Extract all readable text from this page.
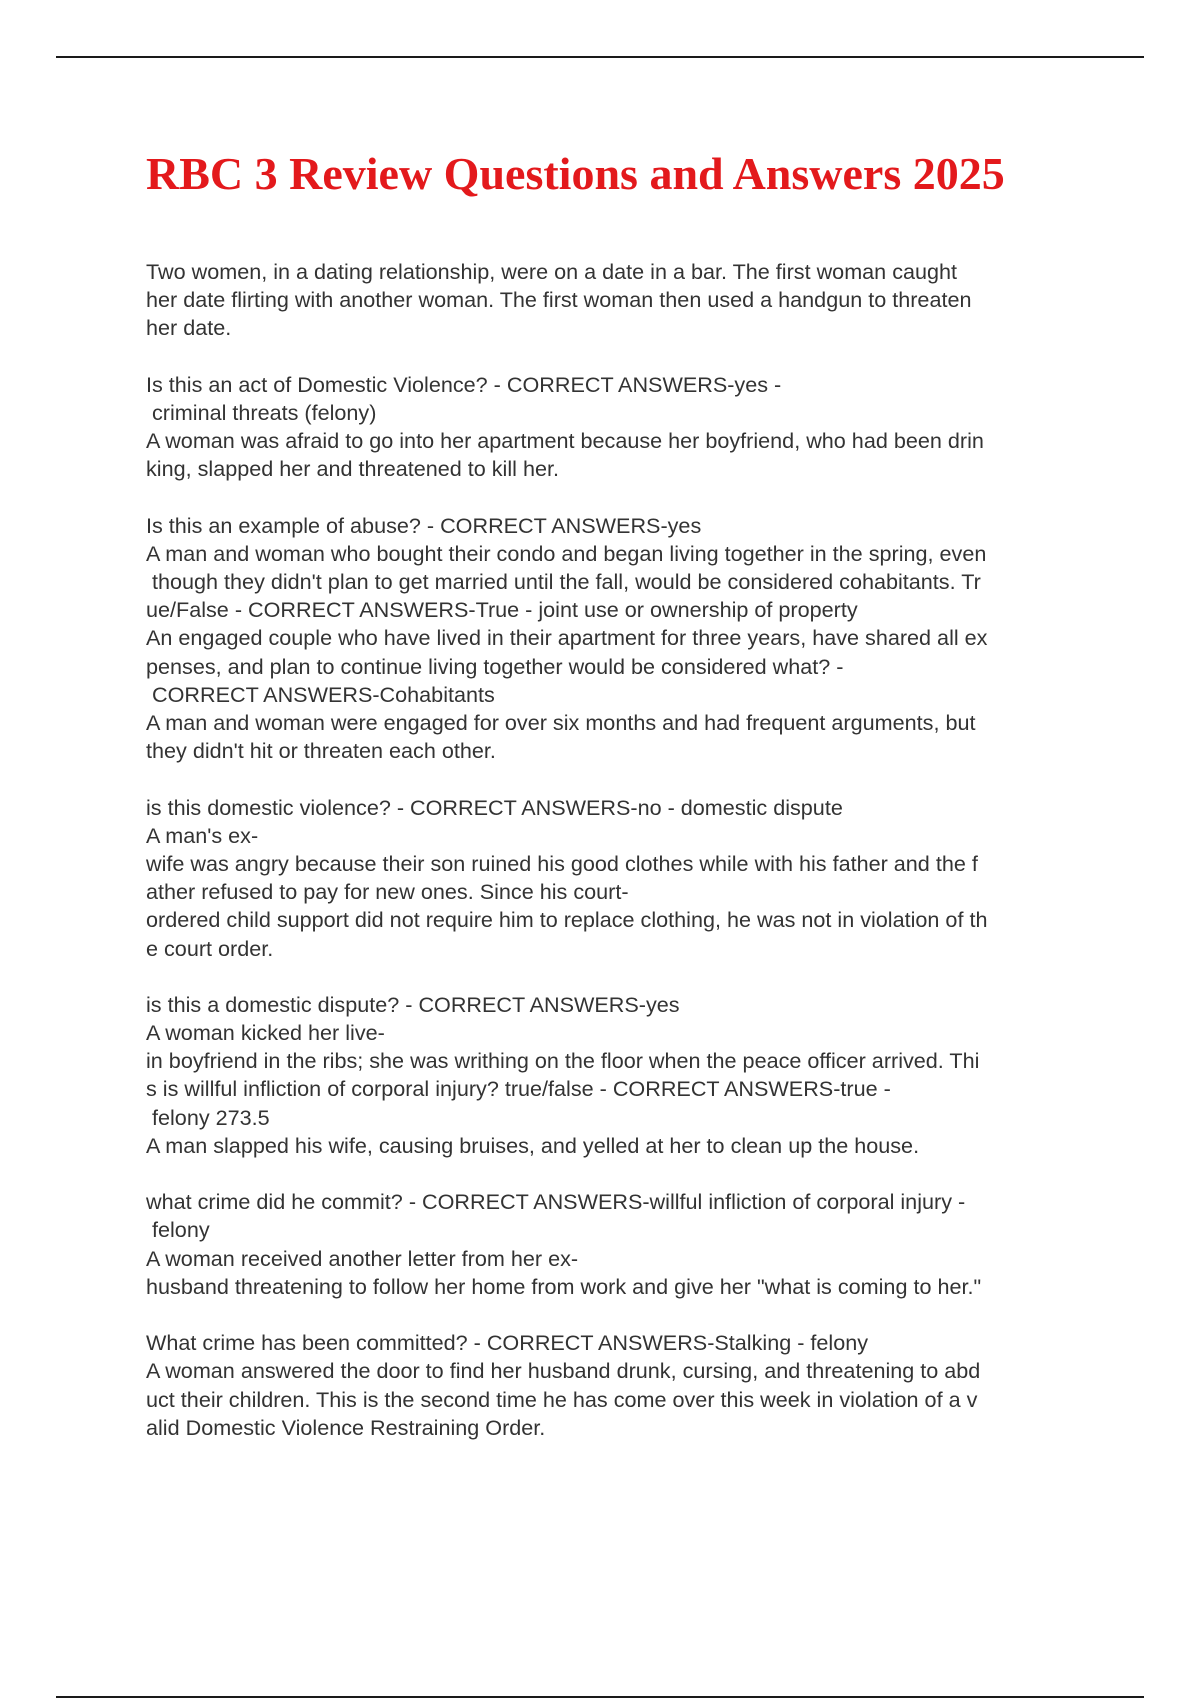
RBC 3 Review Questions and Answers 2025
Two women, in a dating relationship, were on a date in a bar. The first woman caught
her date flirting with another woman. The first woman then used a handgun to threaten
her date.
Is this an act of Domestic Violence? - CORRECT ANSWERS-yes -
criminal threats (felony)
A woman was afraid to go into her apartment because her boyfriend, who had been drin
king, slapped her and threatened to kill her.
Is this an example of abuse? - CORRECT ANSWERS-yes
A man and woman who bought their condo and began living together in the spring, even
though they didn't plan to get married until the fall, would be considered cohabitants. Tr
ue/False - CORRECT ANSWERS-True - joint use or ownership of property
An engaged couple who have lived in their apartment for three years, have shared all ex
penses, and plan to continue living together would be considered what? -
CORRECT ANSWERS-Cohabitants
A man and woman were engaged for over six months and had frequent arguments, but
they didn't hit or threaten each other.
is this domestic violence? - CORRECT ANSWERS-no - domestic dispute
A man's ex-
wife was angry because their son ruined his good clothes while with his father and the f
ather refused to pay for new ones. Since his court-
ordered child support did not require him to replace clothing, he was not in violation of th
e court order.
is this a domestic dispute? - CORRECT ANSWERS-yes
A woman kicked her live-
in boyfriend in the ribs; she was writhing on the floor when the peace officer arrived. Thi
s is willful infliction of corporal injury? true/false - CORRECT ANSWERS-true -
felony 273.5
A man slapped his wife, causing bruises, and yelled at her to clean up the house.
what crime did he commit? - CORRECT ANSWERS-willful infliction of corporal injury -
felony
A woman received another letter from her ex-
husband threatening to follow her home from work and give her "what is coming to her."
What crime has been committed? - CORRECT ANSWERS-Stalking - felony
A woman answered the door to find her husband drunk, cursing, and threatening to abd
uct their children. This is the second time he has come over this week in violation of a v
alid Domestic Violence Restraining Order.
